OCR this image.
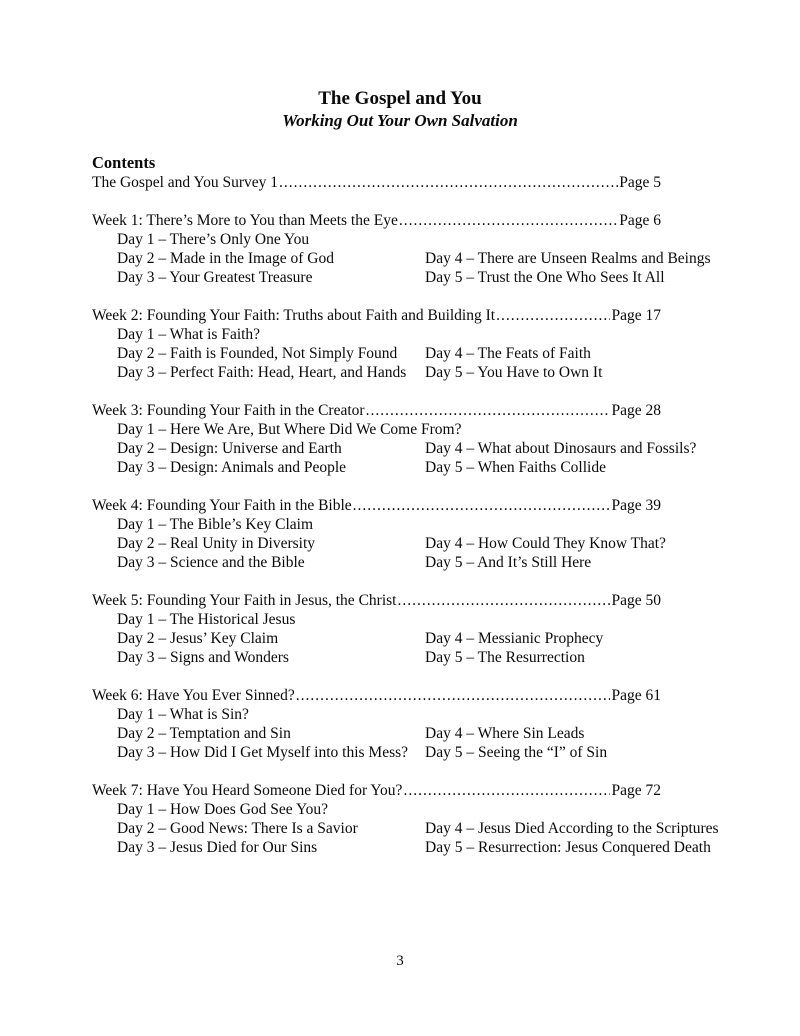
The Gospel and You
Working Out Your Own Salvation
Contents
The Gospel and You Survey 1 .....	Page 5
Week 1: There’s More to You than Meets the Eye .....	Page 6
Day 1 – There’s Only One You
Day 2 – Made in the Image of God	Day 4 – There are Unseen Realms and Beings
Day 3 – Your Greatest Treasure	Day 5 – Trust the One Who Sees It All
Week 2: Founding Your Faith: Truths about Faith and Building It .....	Page 17
Day 1 – What is Faith?
Day 2 – Faith is Founded, Not Simply Found	Day 4 – The Feats of Faith
Day 3 – Perfect Faith: Head, Heart, and Hands	Day 5 – You Have to Own It
Week 3: Founding Your Faith in the Creator .....	Page 28
Day 1 – Here We Are, But Where Did We Come From?
Day 2 – Design: Universe and Earth	Day 4 – What about Dinosaurs and Fossils?
Day 3 – Design: Animals and People	Day 5 – When Faiths Collide
Week 4: Founding Your Faith in the Bible .....	Page 39
Day 1 – The Bible’s Key Claim
Day 2 – Real Unity in Diversity	Day 4 – How Could They Know That?
Day 3 – Science and the Bible	Day 5 – And It’s Still Here
Week 5: Founding Your Faith in Jesus, the Christ .....	Page 50
Day 1 – The Historical Jesus
Day 2 – Jesus’ Key Claim	Day 4 – Messianic Prophecy
Day 3 – Signs and Wonders	Day 5 – The Resurrection
Week 6: Have You Ever Sinned? .....	Page 61
Day 1 – What is Sin?
Day 2 – Temptation and Sin	Day 4 – Where Sin Leads
Day 3 – How Did I Get Myself into this Mess?	Day 5 – Seeing the “I” of Sin
Week 7: Have You Heard Someone Died for You? .....	Page 72
Day 1 – How Does God See You?
Day 2 – Good News: There Is a Savior	Day 4 – Jesus Died According to the Scriptures
Day 3 – Jesus Died for Our Sins	Day 5 – Resurrection: Jesus Conquered Death
3
